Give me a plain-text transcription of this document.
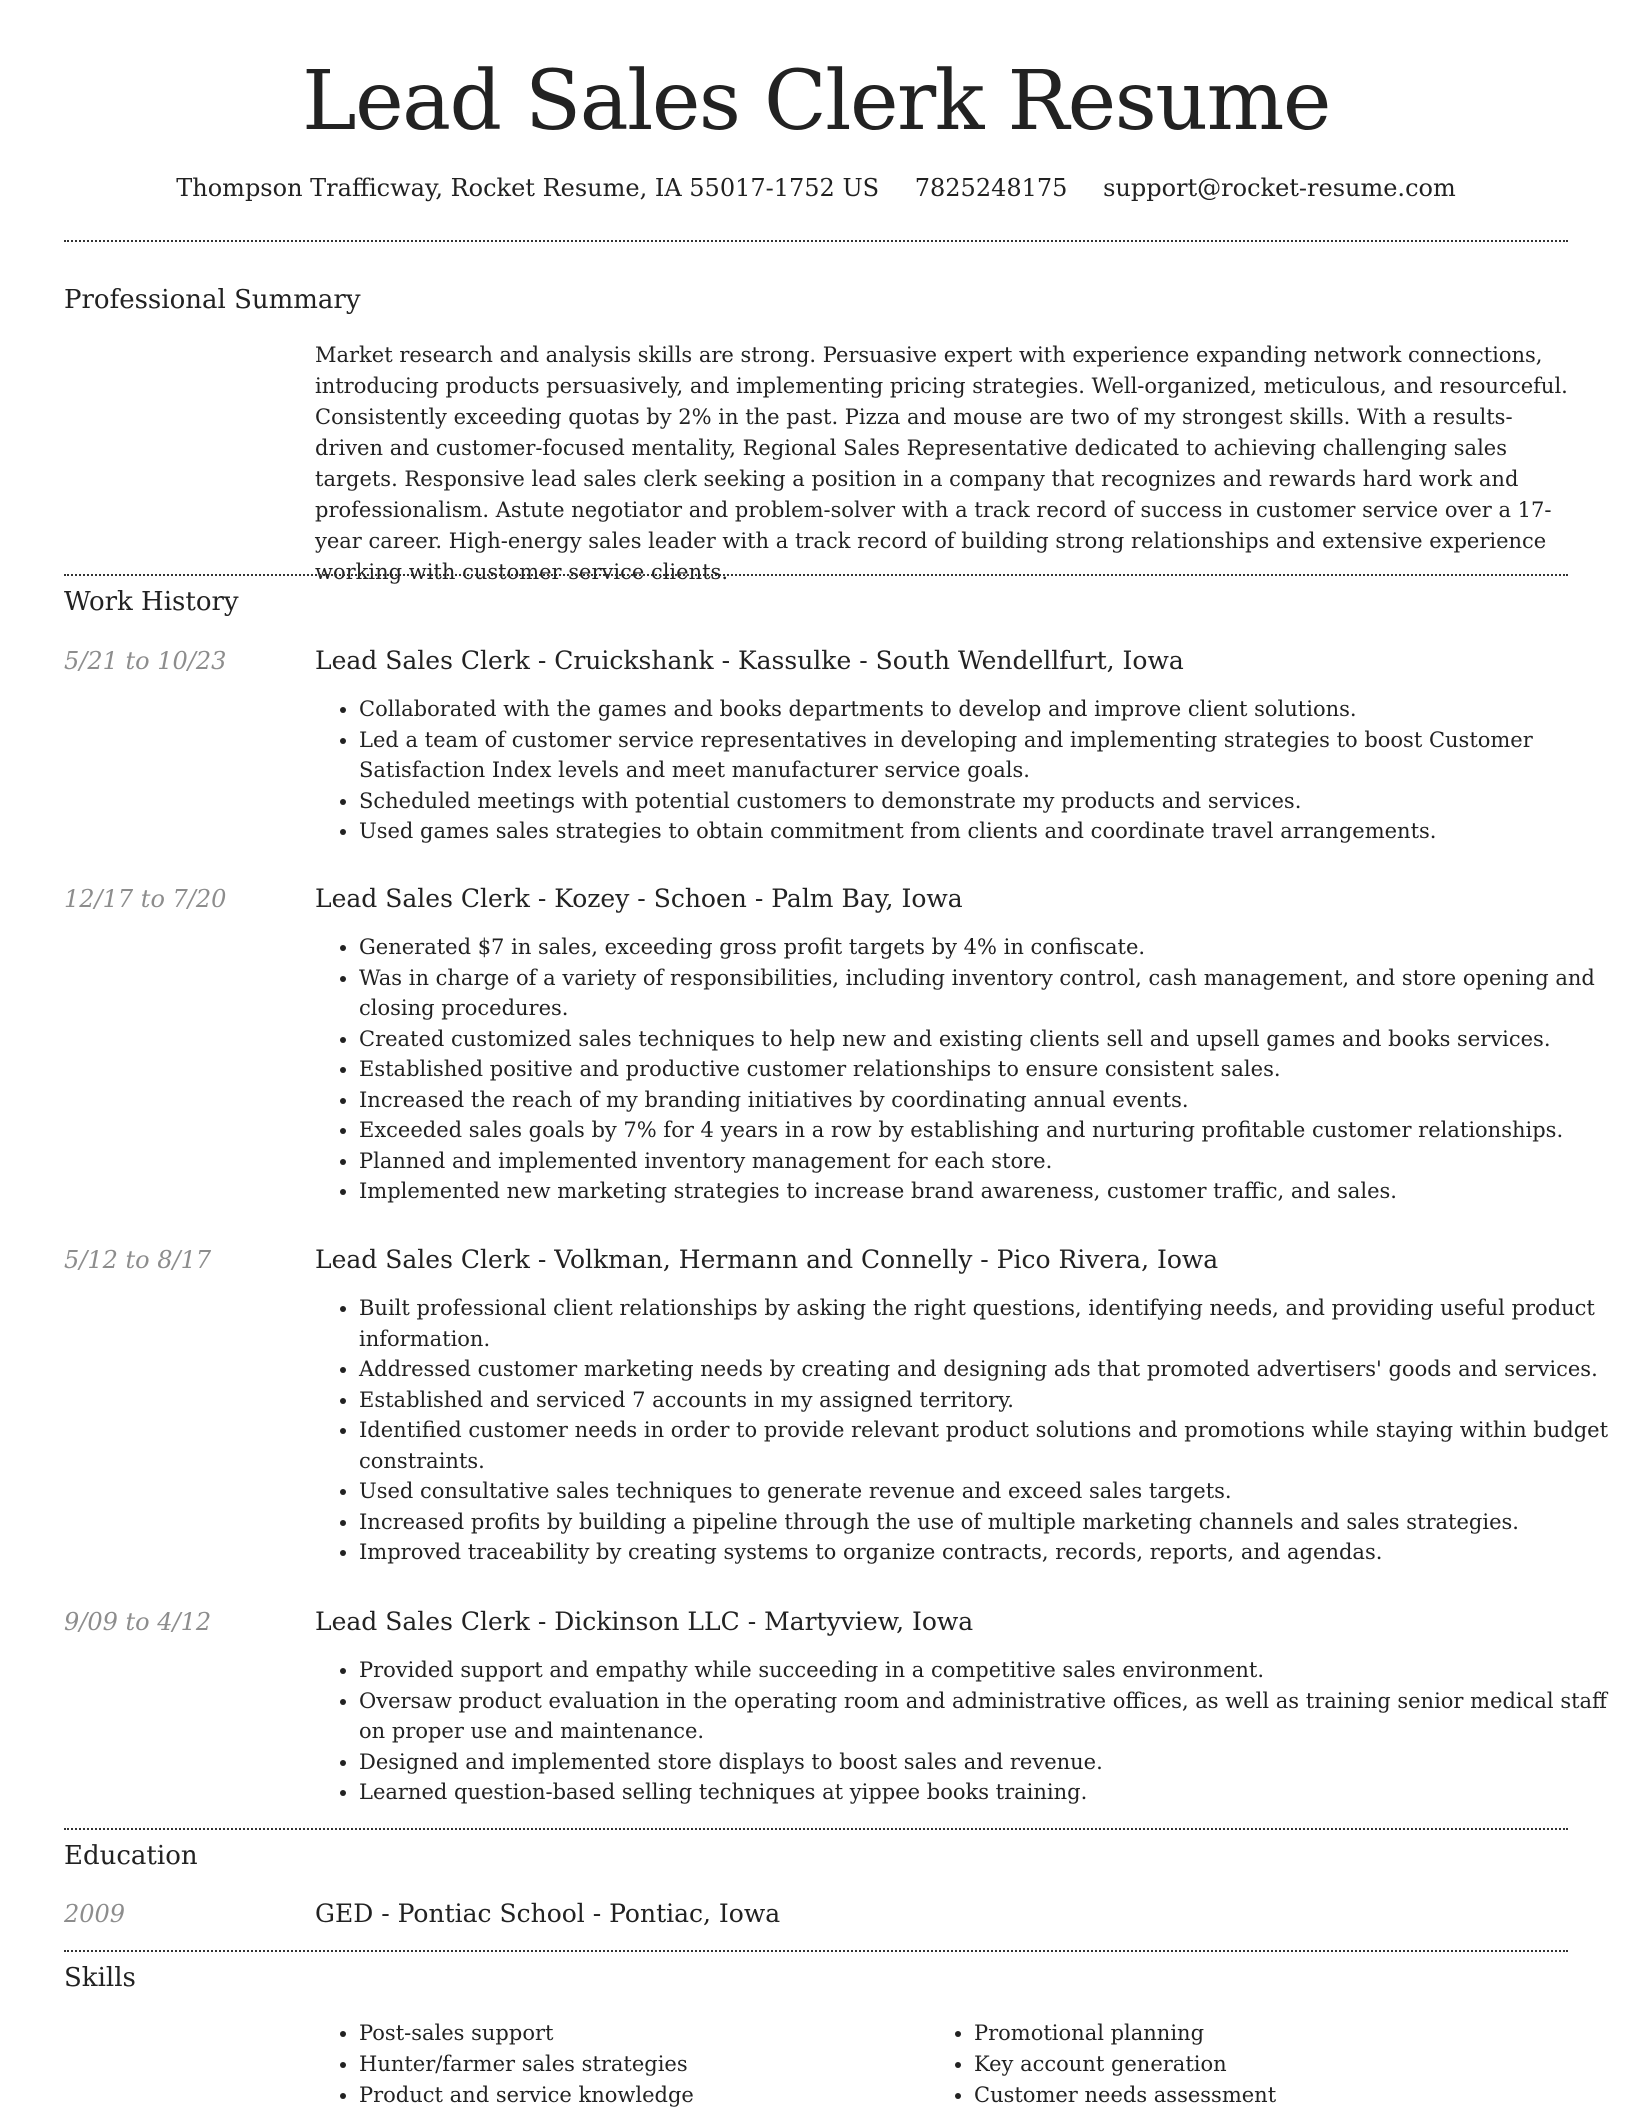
Lead Sales Clerk Resume
Thompson Trafficway, Rocket Resume, IA 55017-1752 US 7825248175 support@rocket-resume.com
Professional Summary
Market research and analysis skills are strong. Persuasive expert with experience expanding network connections, introducing products persuasively, and implementing pricing strategies. Well-organized, meticulous, and resourceful. Consistently exceeding quotas by 2% in the past. Pizza and mouse are two of my strongest skills. With a results-driven and customer-focused mentality, Regional Sales Representative dedicated to achieving challenging sales targets. Responsive lead sales clerk seeking a position in a company that recognizes and rewards hard work and professionalism. Astute negotiator and problem-solver with a track record of success in customer service over a 17-year career. High-energy sales leader with a track record of building strong relationships and extensive experience working with customer service clients.
Work History
5/21 to 10/23	Lead Sales Clerk - Cruickshank - Kassulke - South Wendellfurt, Iowa
• Collaborated with the games and books departments to develop and improve client solutions.
• Led a team of customer service representatives in developing and implementing strategies to boost Customer Satisfaction Index levels and meet manufacturer service goals.
• Scheduled meetings with potential customers to demonstrate my products and services.
• Used games sales strategies to obtain commitment from clients and coordinate travel arrangements.
12/17 to 7/20	Lead Sales Clerk - Kozey - Schoen - Palm Bay, Iowa
• Generated $7 in sales, exceeding gross profit targets by 4% in confiscate.
• Was in charge of a variety of responsibilities, including inventory control, cash management, and store opening and closing procedures.
• Created customized sales techniques to help new and existing clients sell and upsell games and books services.
• Established positive and productive customer relationships to ensure consistent sales.
• Increased the reach of my branding initiatives by coordinating annual events.
• Exceeded sales goals by 7% for 4 years in a row by establishing and nurturing profitable customer relationships.
• Planned and implemented inventory management for each store.
• Implemented new marketing strategies to increase brand awareness, customer traffic, and sales.
5/12 to 8/17	Lead Sales Clerk - Volkman, Hermann and Connelly - Pico Rivera, Iowa
• Built professional client relationships by asking the right questions, identifying needs, and providing useful product information.
• Addressed customer marketing needs by creating and designing ads that promoted advertisers' goods and services.
• Established and serviced 7 accounts in my assigned territory.
• Identified customer needs in order to provide relevant product solutions and promotions while staying within budget constraints.
• Used consultative sales techniques to generate revenue and exceed sales targets.
• Increased profits by building a pipeline through the use of multiple marketing channels and sales strategies.
• Improved traceability by creating systems to organize contracts, records, reports, and agendas.
9/09 to 4/12	Lead Sales Clerk - Dickinson LLC - Martyview, Iowa
• Provided support and empathy while succeeding in a competitive sales environment.
• Oversaw product evaluation in the operating room and administrative offices, as well as training senior medical staff on proper use and maintenance.
• Designed and implemented store displays to boost sales and revenue.
• Learned question-based selling techniques at yippee books training.
Education
2009	GED - Pontiac School - Pontiac, Iowa
Skills
• Post-sales support
• Hunter/farmer sales strategies
• Product and service knowledge
• Promotional planning
• Key account generation
• Customer needs assessment
